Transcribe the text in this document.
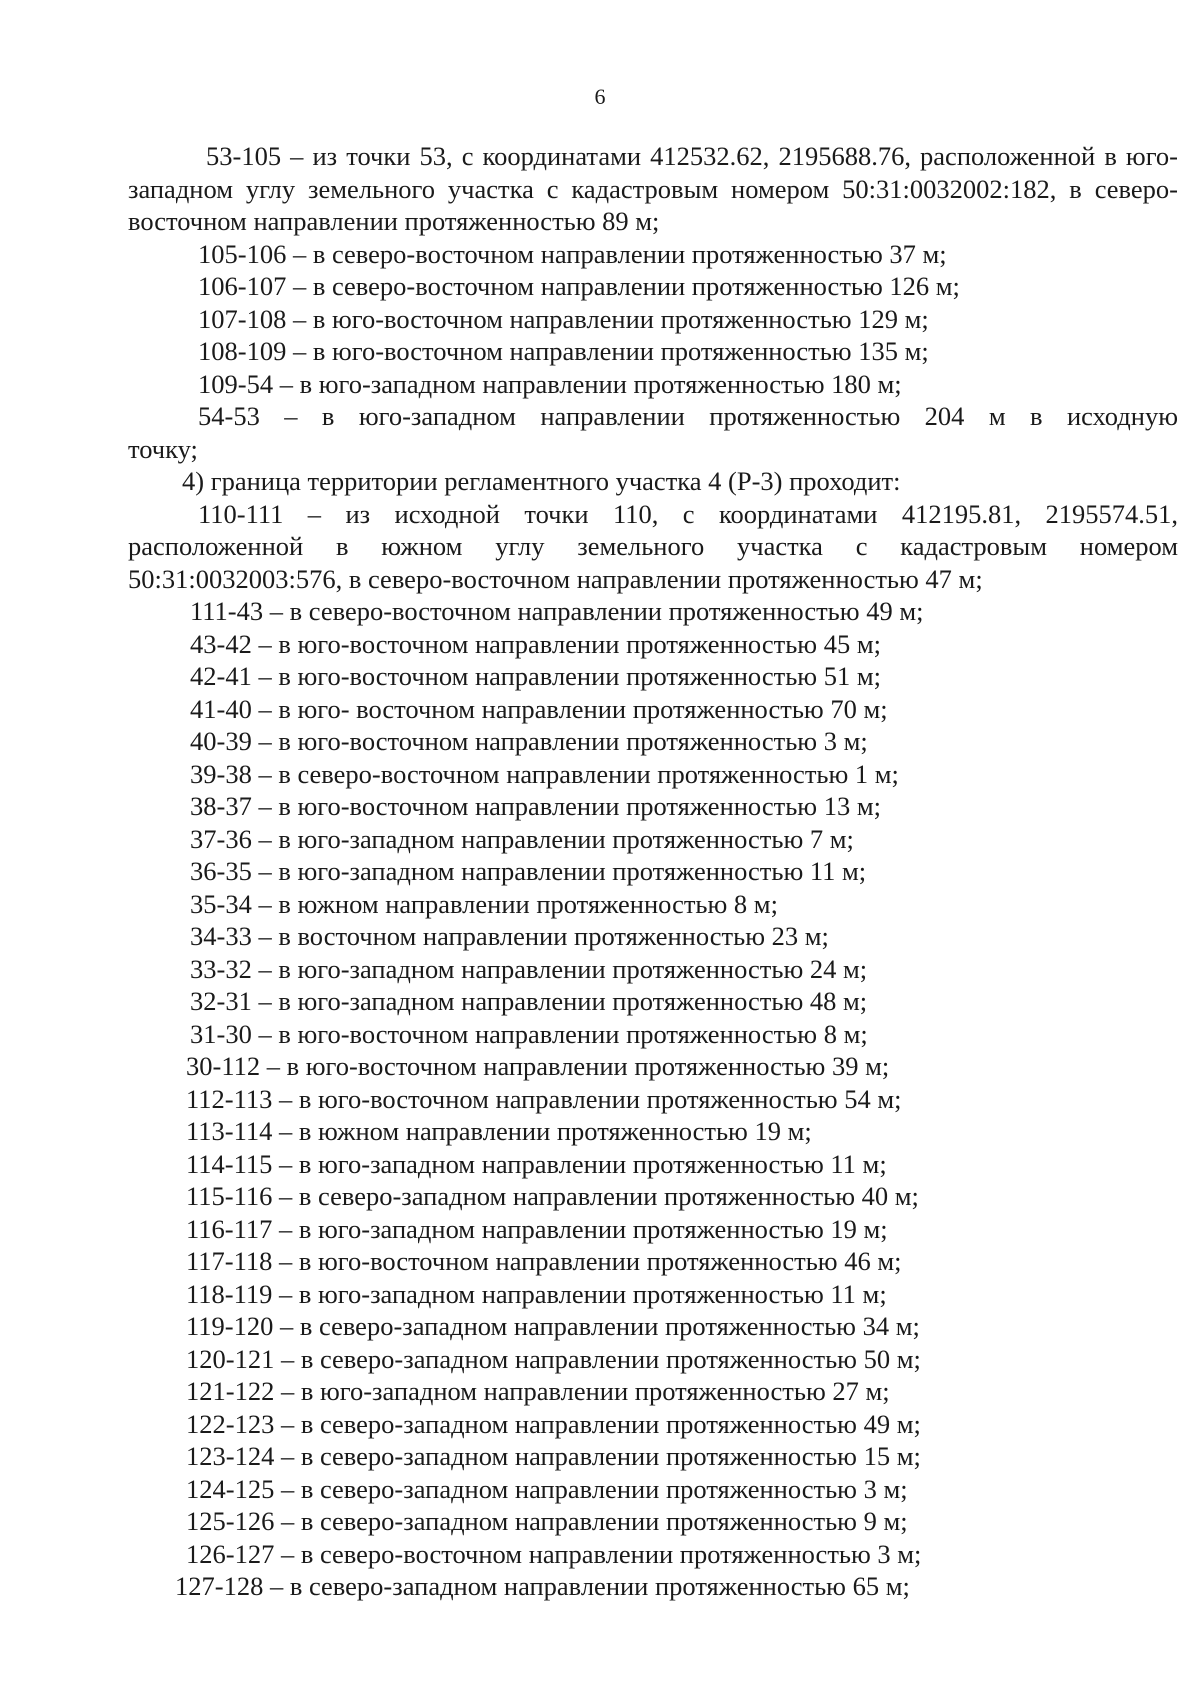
6

53-105 – из точки 53, с координатами 412532.62, 2195688.76, расположенной в юго-западном углу земельного участка с кадастровым номером 50:31:0032002:182, в северо-восточном направлении протяженностью 89 м;

105-106 – в северо-восточном направлении протяженностью 37 м;

106-107 – в северо-восточном направлении протяженностью 126 м;

107-108 – в юго-восточном направлении протяженностью 129 м;

108-109 – в юго-восточном направлении протяженностью 135 м;

109-54 – в юго-западном направлении протяженностью 180 м;

54-53 – в юго-западном направлении протяженностью 204 м в исходную

точку;

4) граница территории регламентного участка 4 (Р-3) проходит:

110-111 – из исходной точки 110, с координатами 412195.81, 2195574.51,

расположенной в южном углу земельного участка с кадастровым номером

50:31:0032003:576, в северо-восточном направлении протяженностью 47 м;

111-43 – в северо-восточном направлении протяженностью 49 м;

43-42 – в юго-восточном направлении протяженностью 45 м;

42-41 – в юго-восточном направлении протяженностью 51 м;

41-40 – в юго- восточном направлении протяженностью 70 м;

40-39 – в юго-восточном направлении протяженностью 3 м;

39-38 – в северо-восточном направлении протяженностью 1 м;

38-37 – в юго-восточном направлении протяженностью 13 м;

37-36 – в юго-западном направлении протяженностью 7 м;

36-35 – в юго-западном направлении протяженностью 11 м;

35-34 – в южном направлении протяженностью 8 м;

34-33 – в восточном направлении протяженностью 23 м;

33-32 – в юго-западном направлении протяженностью 24 м;

32-31 – в юго-западном направлении протяженностью 48 м;

31-30 – в юго-восточном направлении протяженностью 8 м;

30-112 – в юго-восточном направлении протяженностью 39 м;

112-113 – в юго-восточном направлении протяженностью 54 м;

113-114 – в южном направлении протяженностью 19 м;

114-115 – в юго-западном направлении протяженностью 11 м;

115-116 – в северо-западном направлении протяженностью 40 м;

116-117 – в юго-западном направлении протяженностью 19 м;

117-118 – в юго-восточном направлении протяженностью 46 м;

118-119 – в юго-западном направлении протяженностью 11 м;

119-120 – в северо-западном направлении протяженностью 34 м;

120-121 – в северо-западном направлении протяженностью 50 м;

121-122 – в юго-западном направлении протяженностью 27 м;

122-123 – в северо-западном направлении протяженностью 49 м;

123-124 – в северо-западном направлении протяженностью 15 м;

124-125 – в северо-западном направлении протяженностью 3 м;

125-126 – в северо-западном направлении протяженностью 9 м;

126-127 – в северо-восточном направлении протяженностью 3 м;

127-128 – в северо-западном направлении протяженностью 65 м;
